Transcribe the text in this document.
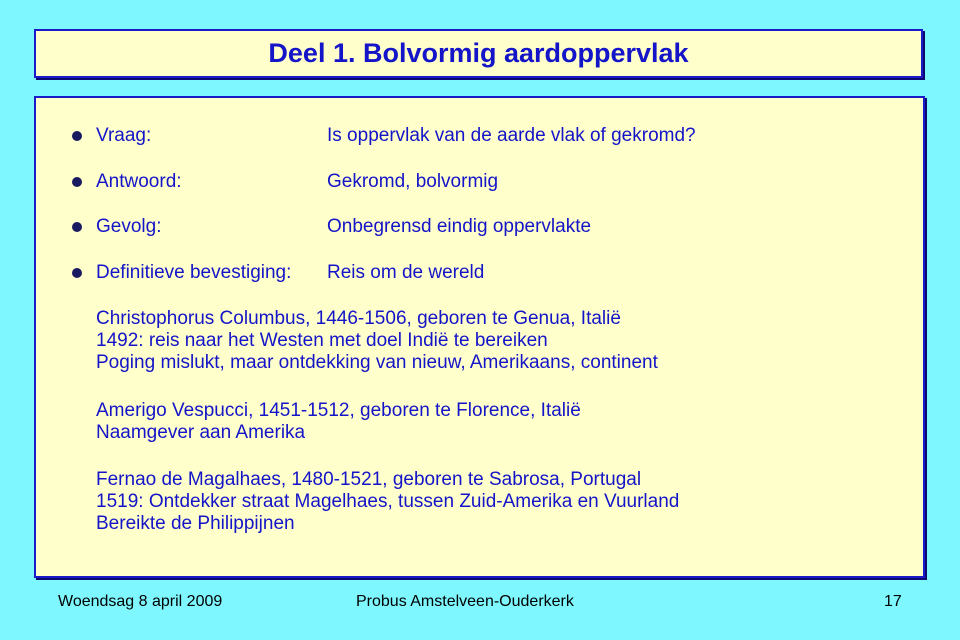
Deel 1. Bolvormig aardoppervlak
Vraag:	Is oppervlak van de aarde vlak of gekromd?
Antwoord:	Gekromd, bolvormig
Gevolg:	Onbegrensd eindig oppervlakte
Definitieve bevestiging: Reis om de wereld
Christophorus Columbus, 1446-1506, geboren te Genua, Italië
1492: reis naar het Westen met doel Indië te bereiken
Poging mislukt, maar ontdekking van nieuw, Amerikaans, continent
Amerigo Vespucci, 1451-1512, geboren te Florence, Italië
Naamgever aan Amerika
Fernao de Magalhaes, 1480-1521, geboren te Sabrosa, Portugal
1519: Ontdekker straat Magelhaes, tussen Zuid-Amerika en Vuurland
Bereikte de Philippijnen
Woendsag 8 april 2009	Probus Amstelveen-Ouderkerk	17
